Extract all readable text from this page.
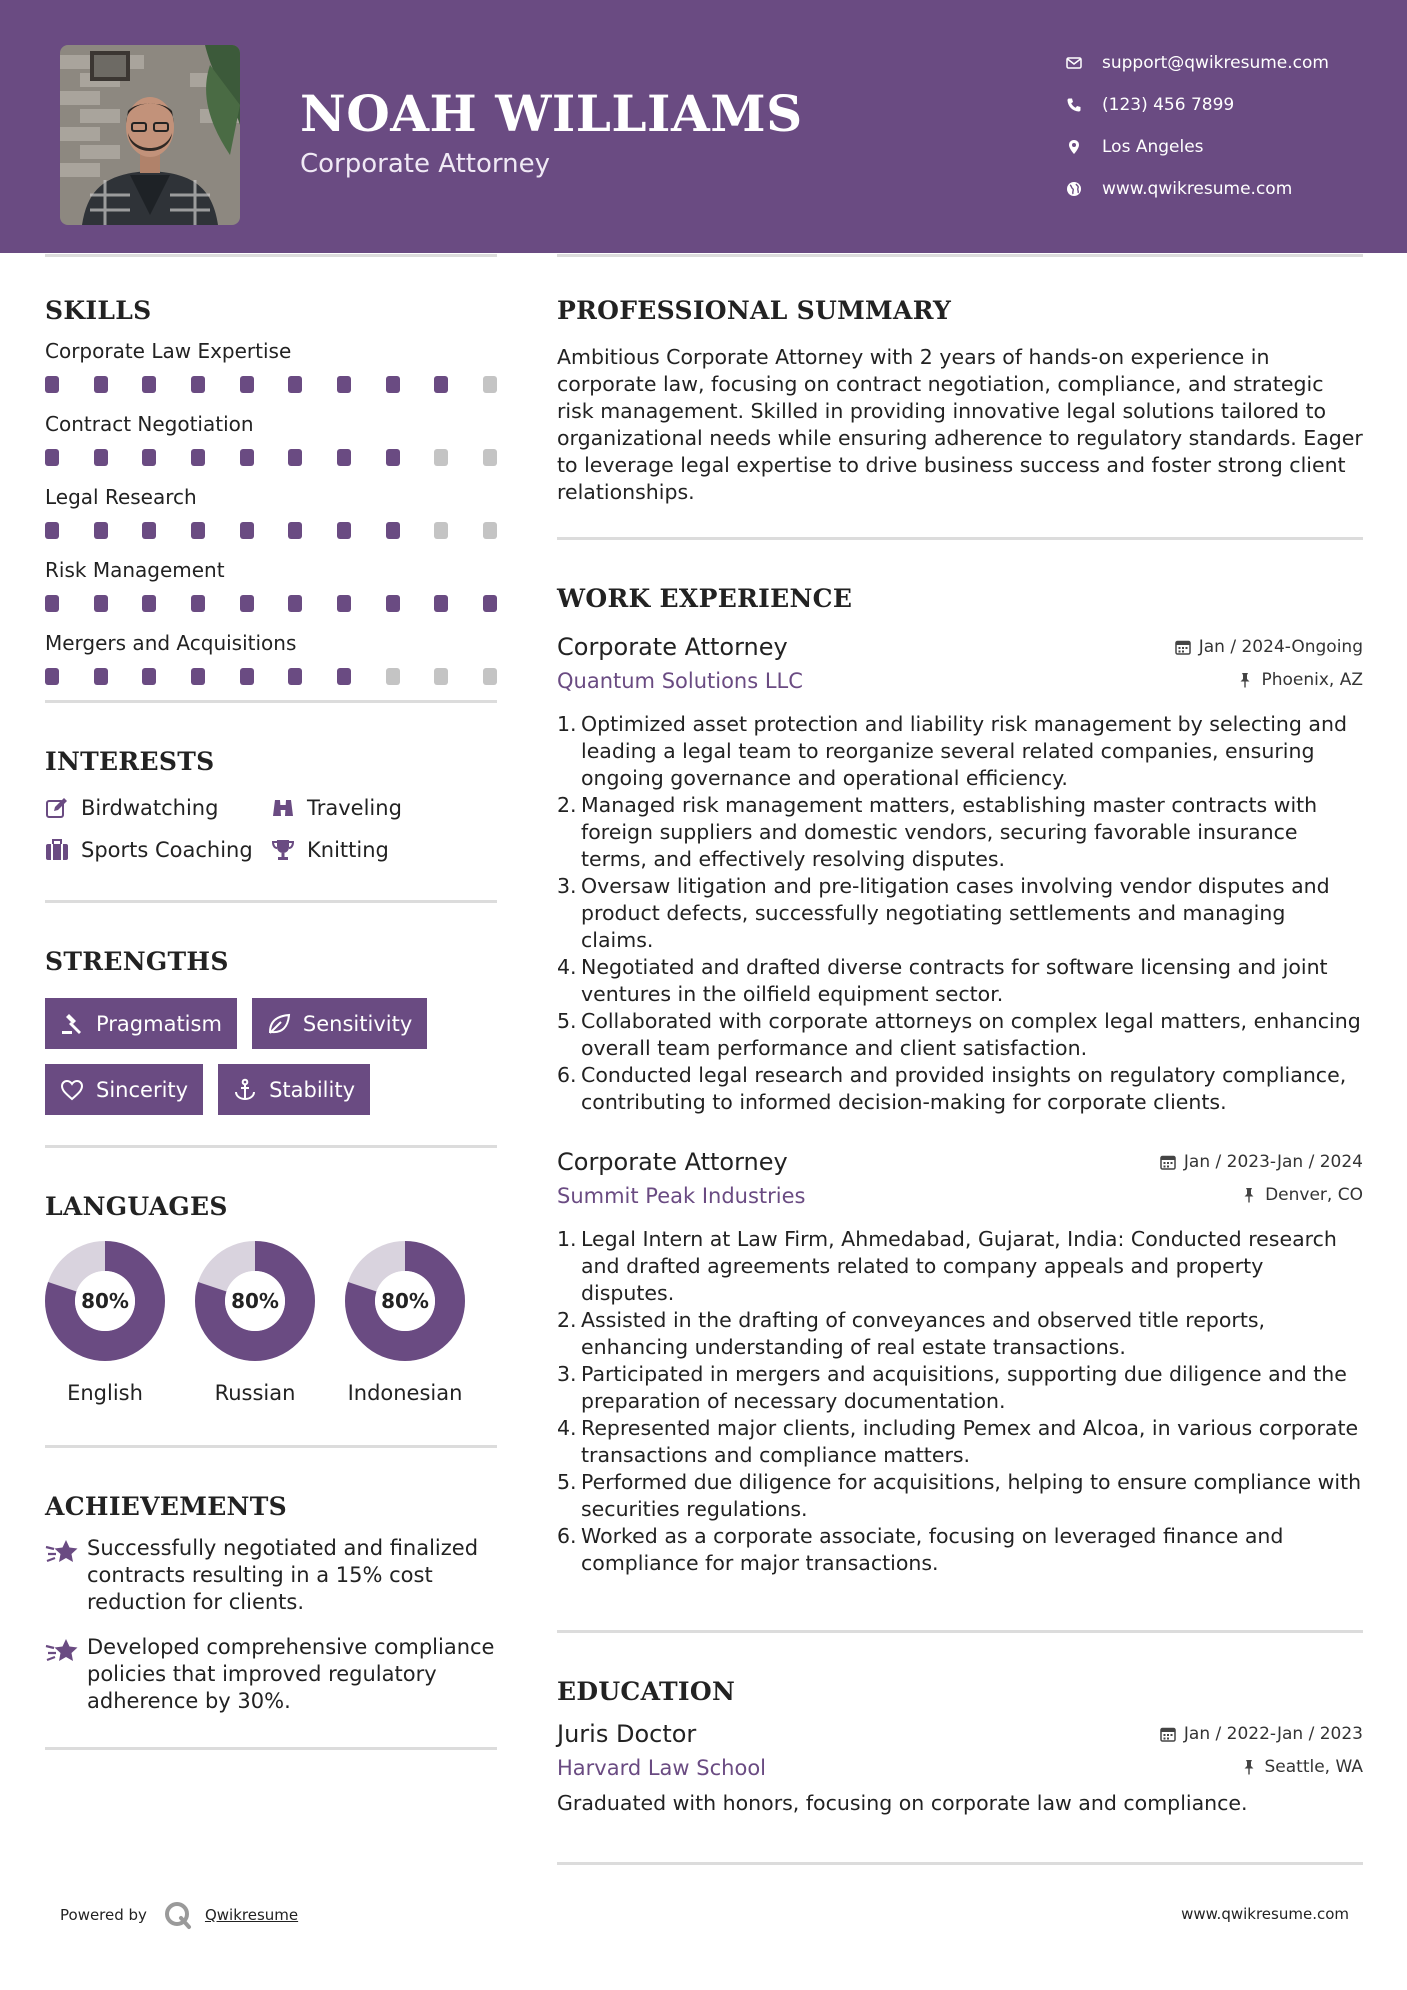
NOAH WILLIAMS
Corporate Attorney
support@qwikresume.com
(123) 456 7899
Los Angeles
www.qwikresume.com
SKILLS
Corporate Law Expertise
Contract Negotiation
Legal Research
Risk Management
Mergers and Acquisitions
INTERESTS
Birdwatching	Traveling
Sports Coaching	Knitting
STRENGTHS
Pragmatism	Sensitivity
Sincerity	Stability
LANGUAGES
80%
English
80%
Russian
80%
Indonesian
ACHIEVEMENTS
Successfully negotiated and finalized contracts resulting in a 15% cost reduction for clients.
Developed comprehensive compliance policies that improved regulatory adherence by 30%.
PROFESSIONAL SUMMARY
Ambitious Corporate Attorney with 2 years of hands-on experience in corporate law, focusing on contract negotiation, compliance, and strategic risk management. Skilled in providing innovative legal solutions tailored to organizational needs while ensuring adherence to regulatory standards. Eager to leverage legal expertise to drive business success and foster strong client relationships.
WORK EXPERIENCE
Corporate Attorney	Jan / 2024-Ongoing
Quantum Solutions LLC	Phoenix, AZ
1. Optimized asset protection and liability risk management by selecting and leading a legal team to reorganize several related companies, ensuring ongoing governance and operational efficiency.
2. Managed risk management matters, establishing master contracts with foreign suppliers and domestic vendors, securing favorable insurance terms, and effectively resolving disputes.
3. Oversaw litigation and pre-litigation cases involving vendor disputes and product defects, successfully negotiating settlements and managing claims.
4. Negotiated and drafted diverse contracts for software licensing and joint ventures in the oilfield equipment sector.
5. Collaborated with corporate attorneys on complex legal matters, enhancing overall team performance and client satisfaction.
6. Conducted legal research and provided insights on regulatory compliance, contributing to informed decision-making for corporate clients.
Corporate Attorney	Jan / 2023-Jan / 2024
Summit Peak Industries	Denver, CO
1. Legal Intern at Law Firm, Ahmedabad, Gujarat, India: Conducted research and drafted agreements related to company appeals and property disputes.
2. Assisted in the drafting of conveyances and observed title reports, enhancing understanding of real estate transactions.
3. Participated in mergers and acquisitions, supporting due diligence and the preparation of necessary documentation.
4. Represented major clients, including Pemex and Alcoa, in various corporate transactions and compliance matters.
5. Performed due diligence for acquisitions, helping to ensure compliance with securities regulations.
6. Worked as a corporate associate, focusing on leveraged finance and compliance for major transactions.
EDUCATION
Juris Doctor	Jan / 2022-Jan / 2023
Harvard Law School	Seattle, WA
Graduated with honors, focusing on corporate law and compliance.
Powered by	Qwikresume	www.qwikresume.com
